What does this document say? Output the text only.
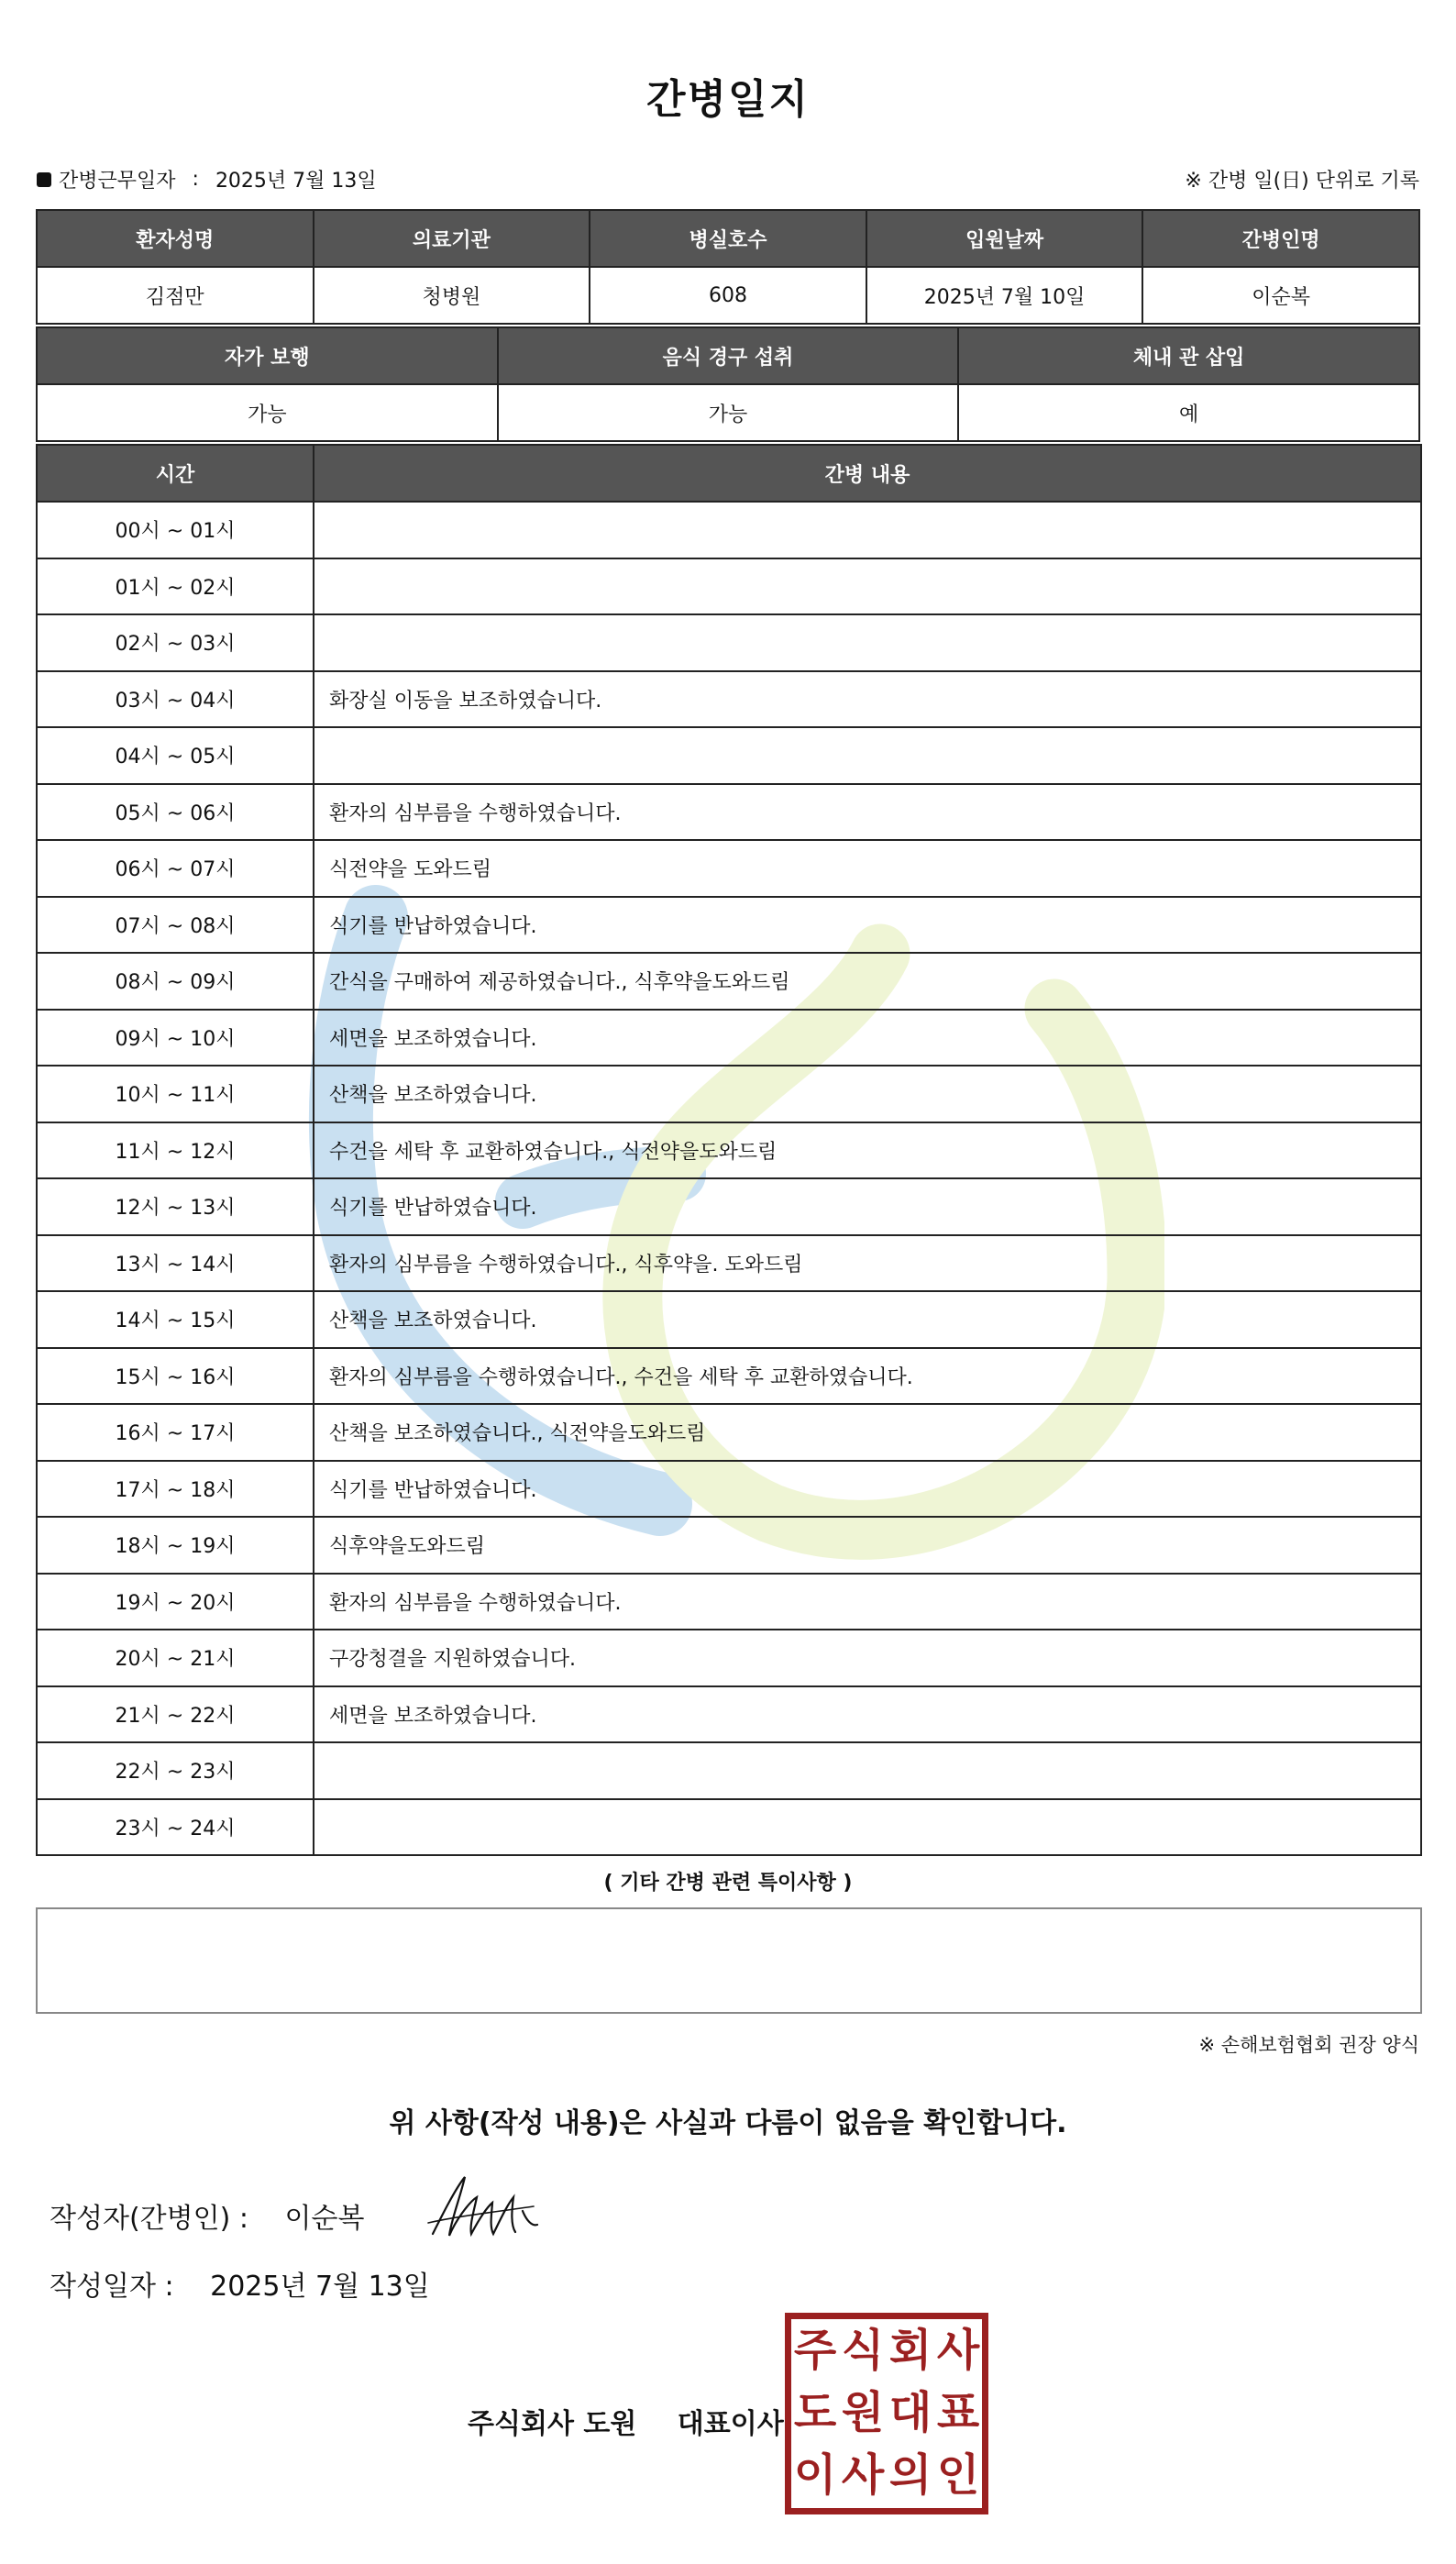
간병일지
간병근무일자 : 2025년 7월 13일	※ 간병 일(日) 단위로 기록
환자성명	의료기관	병실호수	입원날짜	간병인명
김점만	청병원	608	2025년 7월 10일	이순복
자가 보행	음식 경구 섭취	체내 관 삽입
가능	가능	예
시간	간병 내용
00시 ~ 01시	
01시 ~ 02시	
02시 ~ 03시	
03시 ~ 04시	화장실 이동을 보조하였습니다.
04시 ~ 05시	
05시 ~ 06시	환자의 심부름을 수행하였습니다.
06시 ~ 07시	식전약을 도와드림
07시 ~ 08시	식기를 반납하였습니다.
08시 ~ 09시	간식을 구매하여 제공하였습니다., 식후약을도와드림
09시 ~ 10시	세면을 보조하였습니다.
10시 ~ 11시	산책을 보조하였습니다.
11시 ~ 12시	수건을 세탁 후 교환하였습니다., 식전약을도와드림
12시 ~ 13시	식기를 반납하였습니다.
13시 ~ 14시	환자의 심부름을 수행하였습니다., 식후약을. 도와드림
14시 ~ 15시	산책을 보조하였습니다.
15시 ~ 16시	환자의 심부름을 수행하였습니다., 수건을 세탁 후 교환하였습니다.
16시 ~ 17시	산책을 보조하였습니다., 식전약을도와드림
17시 ~ 18시	식기를 반납하였습니다.
18시 ~ 19시	식후약을도와드림
19시 ~ 20시	환자의 심부름을 수행하였습니다.
20시 ~ 21시	구강청결을 지원하였습니다.
21시 ~ 22시	세면을 보조하였습니다.
22시 ~ 23시	
23시 ~ 24시	
( 기타 간병 관련 특이사항 )
※ 손해보험협회 권장 양식
위 사항(작성 내용)은 사실과 다름이 없음을 확인합니다.
작성자(간병인) : 이순복
작성일자 : 2025년 7월 13일
주식회사 도원 대표이사
주 식 회 사
도 원 대 표
이 사 의 인
